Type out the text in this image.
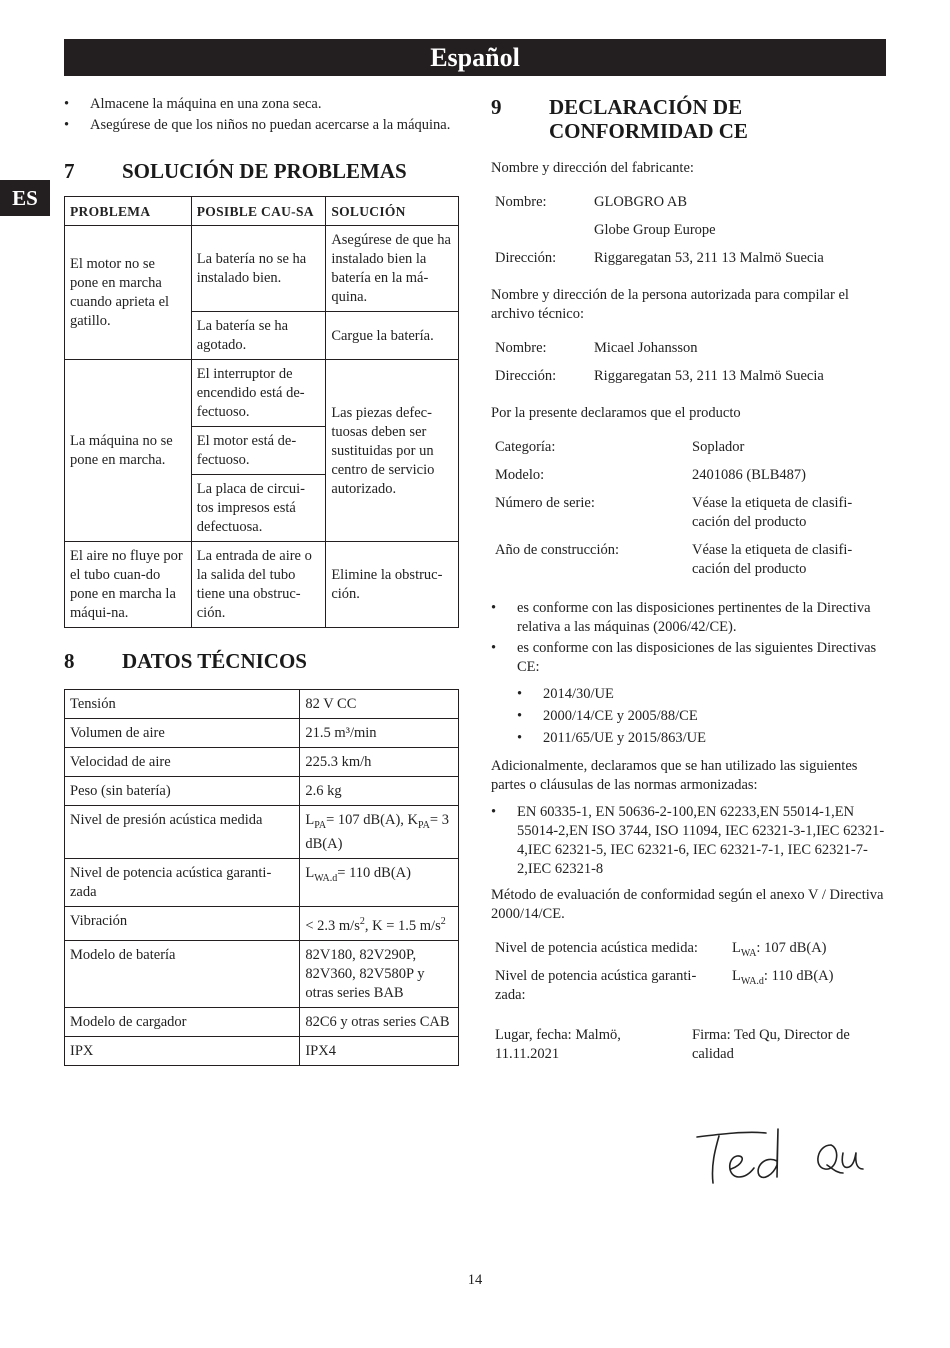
Español
ES
• Almacene la máquina en una zona seca.
• Asegúrese de que los niños no puedan acercarse a la máquina.
7	SOLUCIÓN DE PROBLEMAS
PROBLEMA	POSIBLE CAU-SA	SOLUCIÓN
El motor no se pone en marcha cuando aprieta el gatillo.	La batería no se ha instalado bien.	Asegúrese de que ha instalado bien la batería en la má-quina.
	La batería se ha agotado.	Cargue la batería.
La máquina no se pone en marcha.	El interruptor de encendido está de-fectuoso.	Las piezas defec-tuosas deben ser sustituidas por un centro de servicio autorizado.
	El motor está de-fectuoso.	
	La placa de circui-tos impresos está defectuosa.	
El aire no fluye por el tubo cuan-do pone en marcha la máqui-na.	La entrada de aire o la salida del tubo tiene una obstruc-ción.	Elimine la obstruc-ción.
8	DATOS TÉCNICOS
Tensión	82 V CC
Volumen de aire	21.5 m³/min
Velocidad de aire	225.3 km/h
Peso (sin batería)	2.6 kg
Nivel de presión acústica medida	$L_{PA}= 107$ dB(A), $K_{PA}= 3$ dB(A)
Nivel de potencia acústica garanti-zada	$L_{WA.d}= 110$ dB(A)
Vibración	< 2.3 $m/s^2$, K = 1.5 $m/s^2$
Modelo de batería	82V180, 82V290P, 82V360, 82V580P y otras series BAB
Modelo de cargador	82C6 y otras series CAB
IPX	IPX4
9	DECLARACIÓN DE
CONFORMIDAD CE

Nombre y dirección del fabricante:

Nombre:	GLOBGRO AB
	Globe Group Europe
Dirección:	Riggaregatan 53, 211 13 Malmö Suecia

Nombre y dirección de la persona autorizada para compilar el archivo técnico:

Nombre:	Micael Johansson
Dirección:	Riggaregatan 53, 211 13 Malmö Suecia

Por la presente declaramos que el producto

Categoría:	Soplador
Modelo:	2401086 (BLB487)
Número de serie:	Véase la etiqueta de clasifi-cación del producto
Año de construcción:	Véase la etiqueta de clasifi-cación del producto
• es conforme con las disposiciones pertinentes de la Directiva relativa a las máquinas (2006/42/CE).
• es conforme con las disposiciones de las siguientes Directivas CE:
• 2014/30/UE
• 2000/14/CE y 2005/88/CE
• 2011/65/UE y 2015/863/UE

Adicionalmente, declaramos que se han utilizado las siguientes partes o cláusulas de las normas armonizadas:

• EN 60335-1, EN 50636-2-100,EN 62233,EN 55014-1,EN 55014-2,EN ISO 3744, ISO 11094, IEC 62321-3-1,IEC 62321-4,IEC 62321-5, IEC 62321-6, IEC 62321-7-1, IEC 62321-7-2,IEC 62321-8

Método de evaluación de conformidad según el anexo V / Directiva 2000/14/CE.

Nivel de potencia acústica medida:	$L_{WA}$: 107 dB(A)
Nivel de potencia acústica garanti-zada:	$L_{WA.d}$: 110 dB(A)
Lugar, fecha: Malmö, 11.11.2021	Firma: Ted Qu, Director de calidad
14
